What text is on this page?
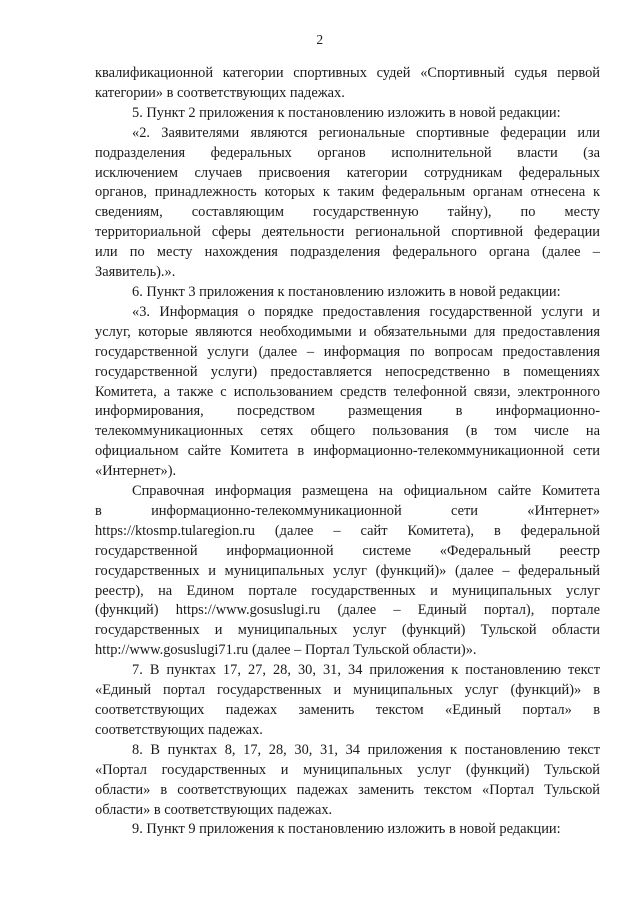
2
квалификационной категории спортивных судей «Спортивный судья первой
категории» в соответствующих падежах.
5. Пункт 2 приложения к постановлению изложить в новой редакции:
«2. Заявителями являются региональные спортивные федерации или
подразделения федеральных органов исполнительной власти (за
исключением случаев присвоения категории сотрудникам федеральных
органов, принадлежность которых к таким федеральным органам отнесена к
сведениям, составляющим государственную тайну), по месту
территориальной сферы деятельности региональной спортивной федерации
или по месту нахождения подразделения федерального органа (далее –
Заявитель).».
6. Пункт 3 приложения к постановлению изложить в новой редакции:
«3. Информация о порядке предоставления государственной услуги и
услуг, которые являются необходимыми и обязательными для предоставления
государственной услуги (далее – информация по вопросам предоставления
государственной услуги) предоставляется непосредственно в помещениях
Комитета, а также с использованием средств телефонной связи, электронного
информирования, посредством размещения в информационно-
телекоммуникационных сетях общего пользования (в том числе на
официальном сайте Комитета в информационно-телекоммуникационной сети
«Интернет»).
Справочная информация размещена на официальном сайте Комитета
в информационно-телекоммуникационной сети «Интернет»
https://ktosmp.tularegion.ru (далее – сайт Комитета), в федеральной
государственной информационной системе «Федеральный реестр
государственных и муниципальных услуг (функций)» (далее – федеральный
реестр), на Едином портале государственных и муниципальных услуг
(функций) https://www.gosuslugi.ru (далее – Единый портал), портале
государственных и муниципальных услуг (функций) Тульской области
http://www.gosuslugi71.ru (далее – Портал Тульской области)».
7. В пунктах 17, 27, 28, 30, 31, 34 приложения к постановлению текст
«Единый портал государственных и муниципальных услуг (функций)» в
соответствующих падежах заменить текстом «Единый портал» в
соответствующих падежах.
8. В пунктах 8, 17, 28, 30, 31, 34 приложения к постановлению текст
«Портал государственных и муниципальных услуг (функций) Тульской
области» в соответствующих падежах заменить текстом «Портал Тульской
области» в соответствующих падежах.
9. Пункт 9 приложения к постановлению изложить в новой редакции:
